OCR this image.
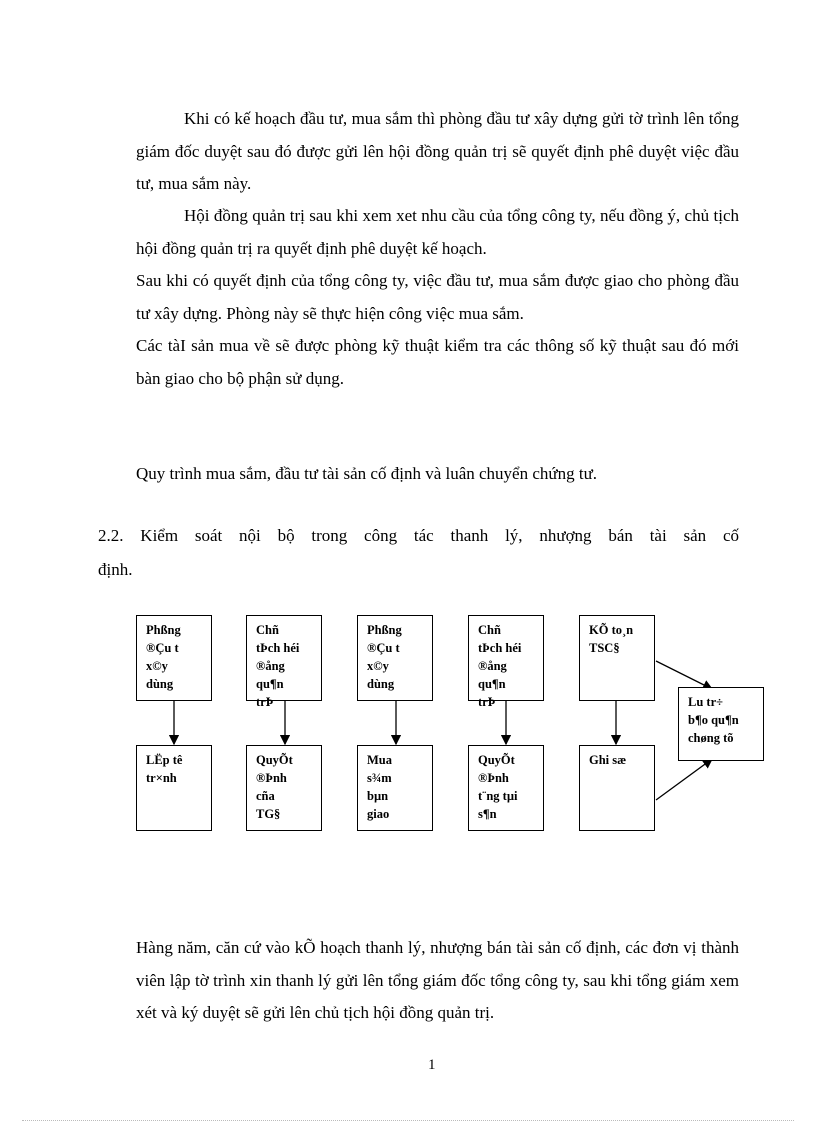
Khi có kế hoạch đầu tư, mua sắm thì phòng đầu tư xây dựng gửi tờ trình lên tổng giám đốc duyệt sau đó được gửi lên hội đồng quản trị sẽ quyết định phê duyệt việc đầu tư, mua sắm này.
Hội đồng quản trị sau khi xem xet nhu cầu của tổng công ty, nếu đồng ý, chủ tịch hội đồng quản trị ra quyết định phê duyệt kế hoạch.
Sau khi có quyết định của tổng công ty, việc đầu tư, mua sắm được giao cho phòng đầu tư xây dựng. Phòng này sẽ thực hiện công việc mua sắm.
Các tàI sản mua về sẽ được phòng kỹ thuật kiểm tra các thông số kỹ thuật sau đó mới bàn giao cho bộ phận sử dụng.
Quy trình mua sắm, đầu tư tài sản cố định và luân chuyển chứng tư.
2.2. Kiểm soát nội bộ trong công tác thanh lý, nhượng bán tài sản cố
định.
Phßng
®Çu t
x©y
dùng
Chñ
tÞch héi
®ång
qu¶n
trÞ
Phßng
®Çu t
x©y
dùng
Chñ
tÞch héi
®ång
qu¶n
trÞ
KÕ to¸n
TSC§
LËp tê
tr×nh
QuyÕt
®Þnh
cña
TG§
Mua
s¾m
bµn
giao
QuyÕt
®Þnh
t¨ng tµi
s¶n
Ghi sæ
Lu tr÷
b¶o qu¶n
chøng tõ
Hàng năm, căn cứ vào kÕ hoạch thanh lý, nhượng bán tài sản cố định, các đơn vị thành viên lập tờ trình xin thanh lý gửi lên tổng giám đốc tổng công ty, sau khi tổng giám xem xét và ký duyệt sẽ gửi lên chủ tịch hội đồng quản trị.
1
